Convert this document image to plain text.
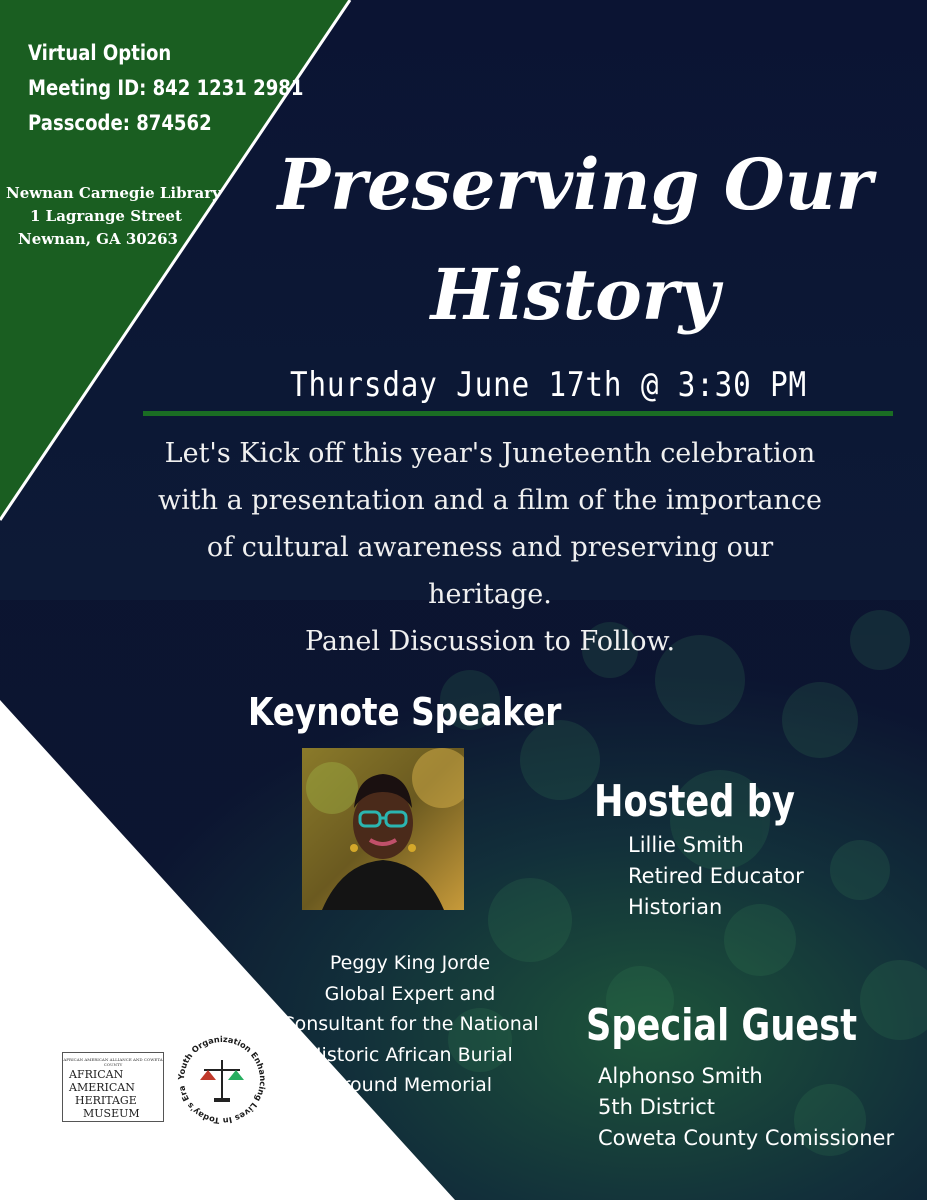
Virtual Option
Meeting ID: 842 1231 2981
Passcode: 874562
Newnan Carnegie Library
1 Lagrange Street
Newnan, GA 30263
Preserving Our
History
Thursday June 17th @ 3:30 PM
Let's Kick off this year's Juneteenth celebration
with a presentation and a film of the importance
of cultural awareness and preserving our
heritage.
Panel Discussion to Follow.
Keynote Speaker
Peggy King Jorde
Global Expert and
Consultant for the National
Historic African Burial
Ground Memorial
Hosted by
Lillie Smith
Retired Educator
Historian
Special Guest
Alphonso Smith
5th District
Coweta County Comissioner
AFRICAN AMERICAN ALLIANCE AND COWETA COUNTY
AFRICAN
AMERICAN
HERITAGE
MUSEUM
Youth Organization Enhancing Lives In Today's Era
